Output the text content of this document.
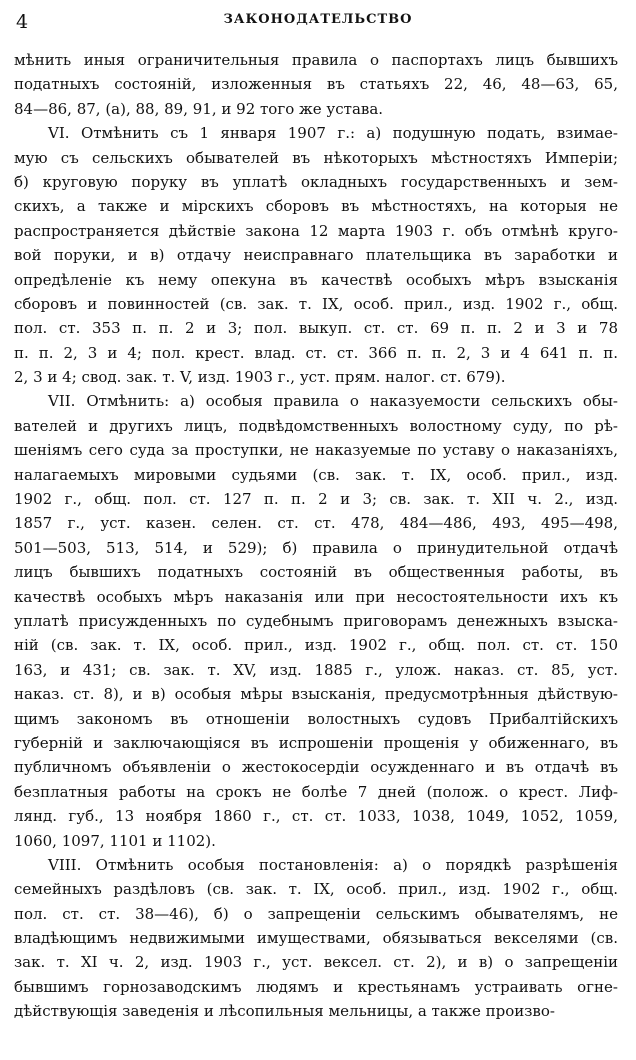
4	ЗАКОНОДАТЕЛЬСТВО
мѣнить иныя ограничительныя правила о паспортахъ лицъ бывшихъ
податныхъ состояній, изложенныя въ статьяхъ 22, 46, 48—63, 65,
84—86, 87, (а), 88, 89, 91, и 92 того же устава.
VI. Отмѣнить съ 1 января 1907 г.: а) подушную подать, взимае-
мую съ сельскихъ обывателей въ нѣкоторыхъ мѣстностяхъ Имперіи;
б) круговую поруку въ уплатѣ окладныхъ государственныхъ и зем-
скихъ, а также и мірскихъ сборовъ въ мѣстностяхъ, на которыя не
распространяется дѣйствіе закона 12 марта 1903 г. объ отмѣнѣ круго-
вой поруки, и в) отдачу неисправнаго плательщика въ заработки и
опредѣленіе къ нему опекуна въ качествѣ особыхъ мѣръ взысканія
сборовъ и повинностей (св. зак. т. IX, особ. прил., изд. 1902 г., общ.
пол. ст. 353 п. п. 2 и 3; пол. выкуп. ст. ст. 69 п. п. 2 и 3 и 78
п. п. 2, 3 и 4; пол. крест. влад. ст. ст. 366 п. п. 2, 3 и 4 641 п. п.
2, 3 и 4; свод. зак. т. V, изд. 1903 г., уст. прям. налог. ст. 679).
VII. Отмѣнить: а) особыя правила о наказуемости сельскихъ обы-
вателей и другихъ лицъ, подвѣдомственныхъ волостному суду, по рѣ-
шеніямъ сего суда за проступки, не наказуемые по уставу о наказаніяхъ,
налагаемыхъ мировыми судьями (св. зак. т. IX, особ. прил., изд.
1902 г., общ. пол. ст. 127 п. п. 2 и 3; св. зак. т. XII ч. 2., изд.
1857 г., уст. казен. селен. ст. ст. 478, 484—486, 493, 495—498,
501—503, 513, 514, и 529); б) правила о принудительной отдачѣ
лицъ бывшихъ податныхъ состояній въ общественныя работы, въ
качествѣ особыхъ мѣръ наказанія или при несостоятельности ихъ къ
уплатѣ присужденныхъ по судебнымъ приговорамъ денежныхъ взыска-
ній (св. зак. т. IX, особ. прил., изд. 1902 г., общ. пол. ст. ст. 150
163, и 431; св. зак. т. XV, изд. 1885 г., улож. наказ. ст. 85, уст.
наказ. ст. 8), и в) особыя мѣры взысканія, предусмотрѣнныя дѣйствую-
щимъ закономъ въ отношеніи волостныхъ судовъ Прибалтійскихъ
губерній и заключающіяся въ испрошеніи прощенія у обиженнаго, въ
публичномъ объявленіи о жестокосердіи осужденнаго и въ отдачѣ въ
безплатныя работы на срокъ не болѣе 7 дней (полож. о крест. Лиф-
лянд. губ., 13 ноября 1860 г., ст. ст. 1033, 1038, 1049, 1052, 1059,
1060, 1097, 1101 и 1102).
VIII. Отмѣнить особыя постановленія: а) о порядкѣ разрѣшенія
семейныхъ раздѣловъ (св. зак. т. IX, особ. прил., изд. 1902 г., общ.
пол. ст. ст. 38—46), б) о запрещеніи сельскимъ обывателямъ, не
владѣющимъ недвижимыми имуществами, обязываться векселями (св.
зак. т. XI ч. 2, изд. 1903 г., уст. вексел. ст. 2), и в) о запрещеніи
бывшимъ горнозаводскимъ людямъ и крестьянамъ устраивать огне-
дѣйствующія заведенія и лѣсопильныя мельницы, а также произво-
